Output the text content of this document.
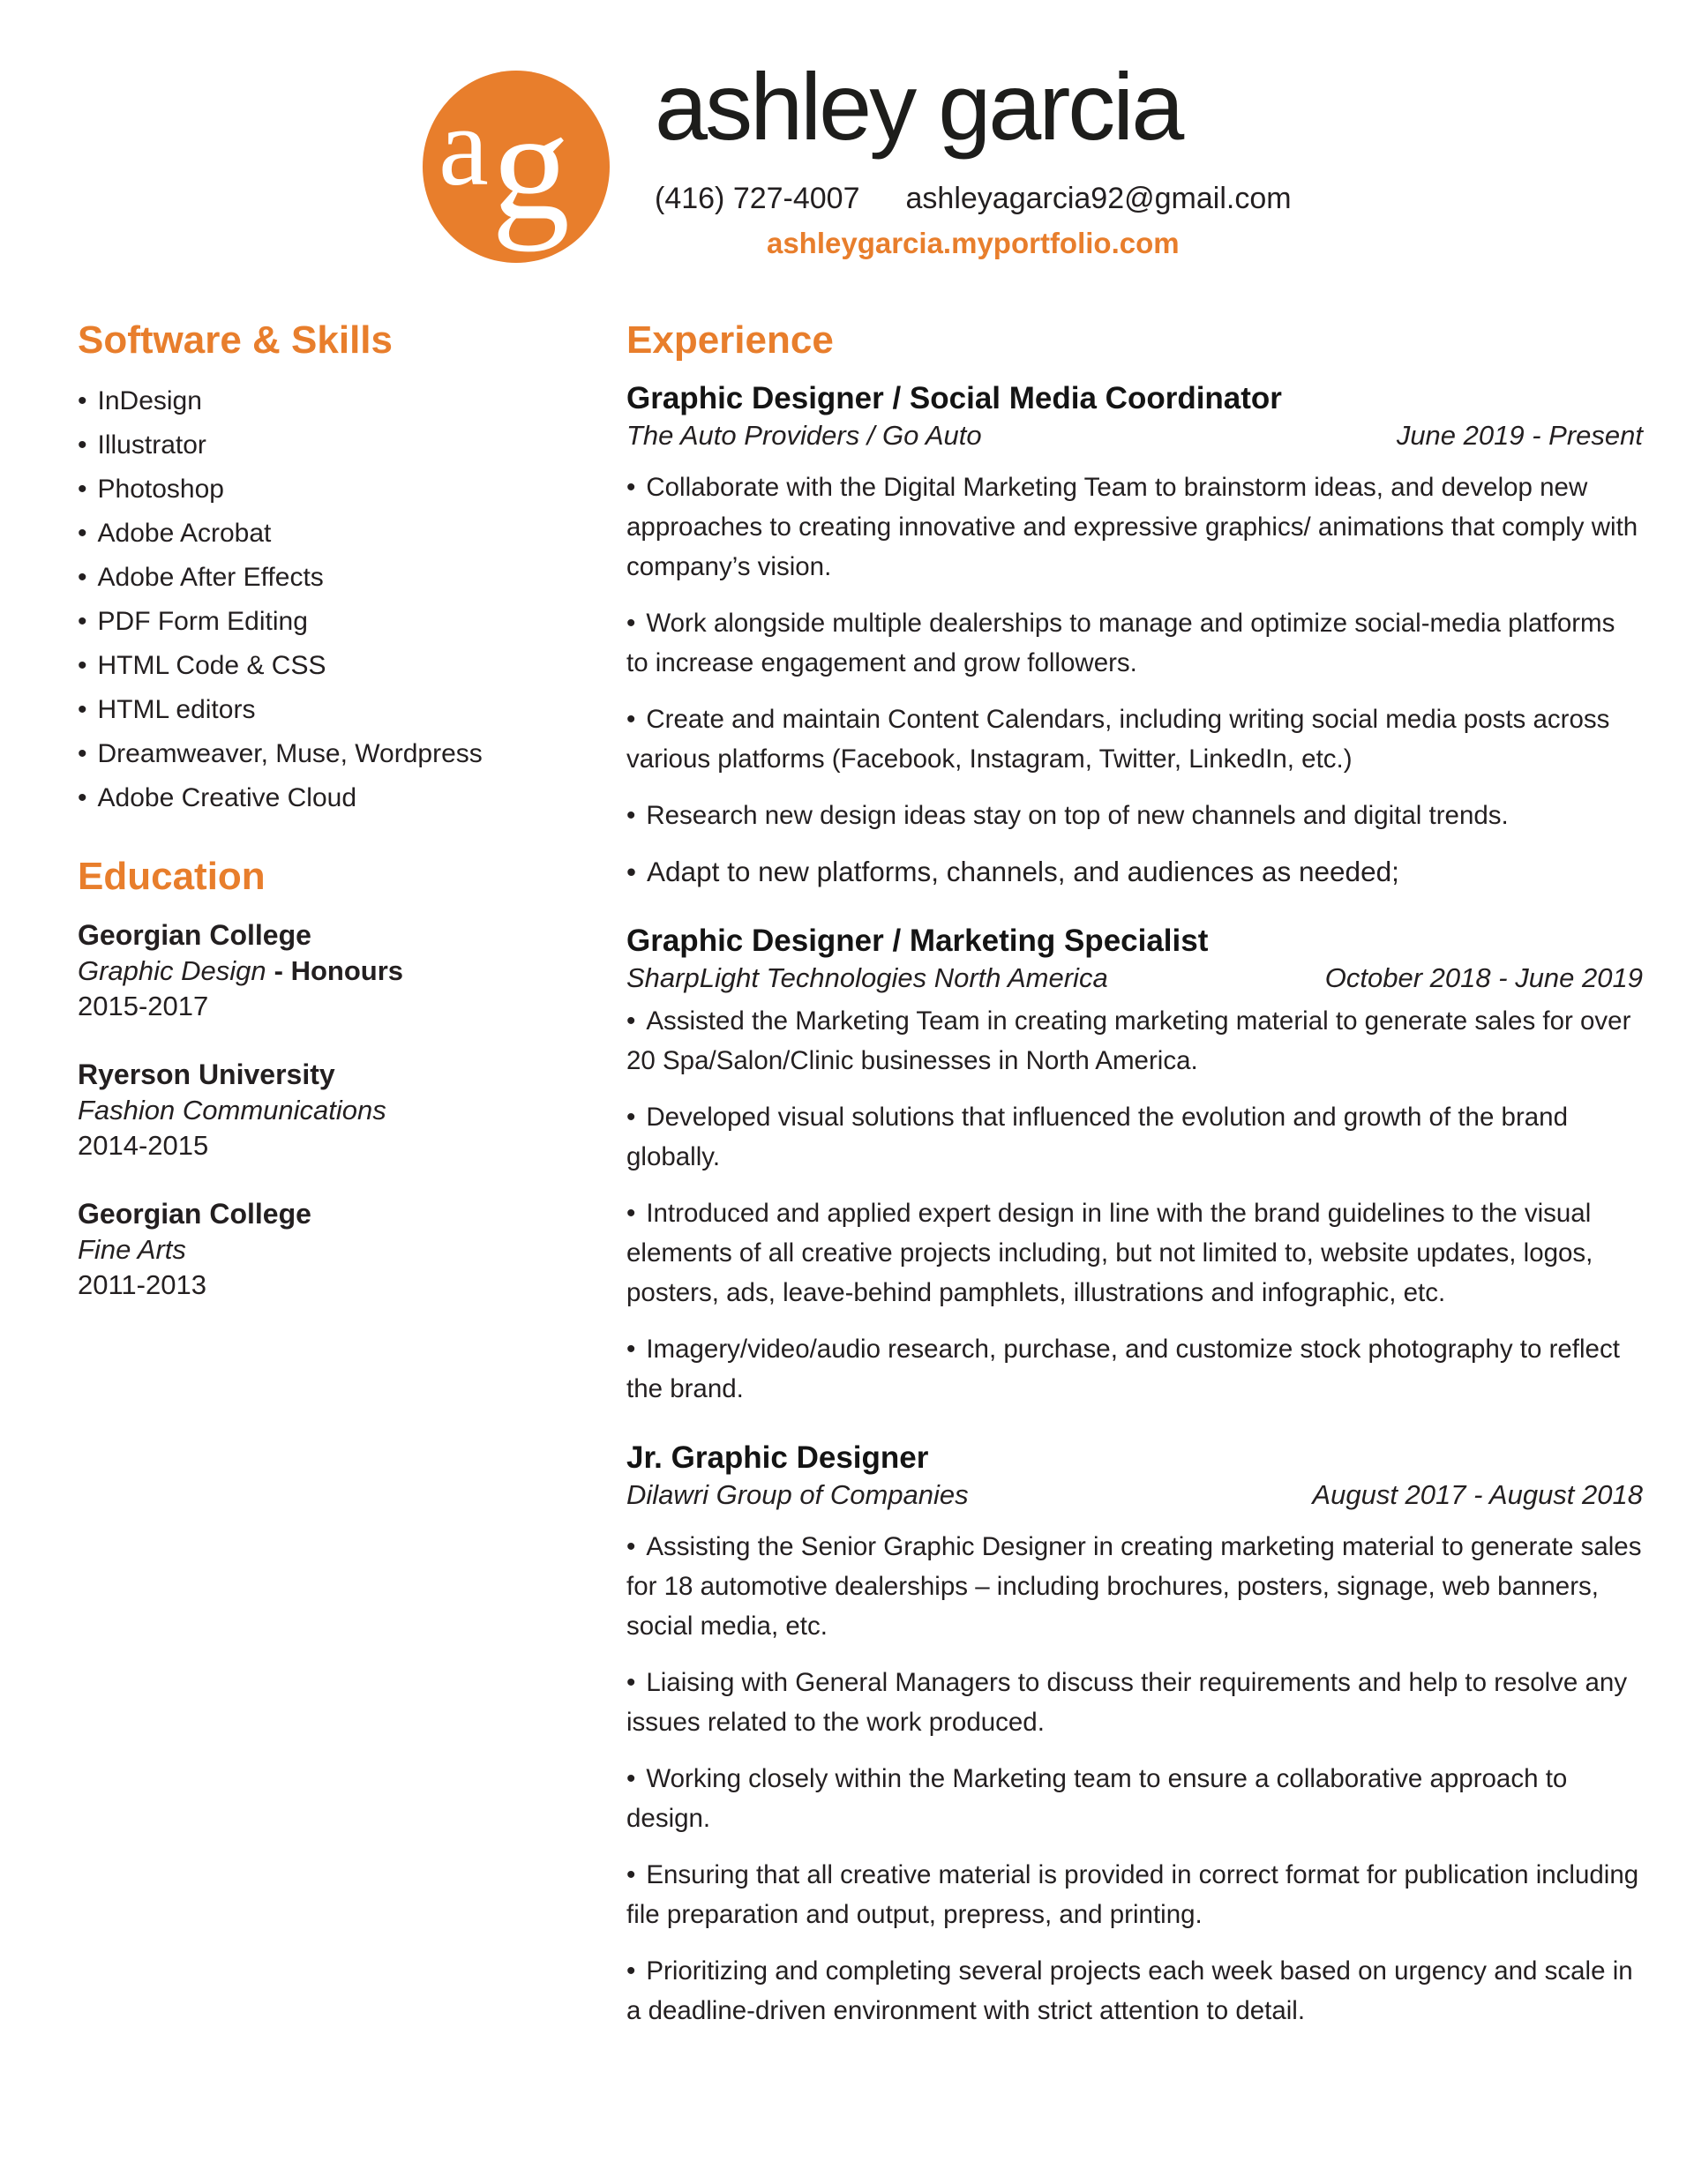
a g ashley garcia
(416) 727-4007 ashleyagarcia92@gmail.com
ashleygarcia.myportfolio.com
Software & Skills
• InDesign
• Illustrator
• Photoshop
• Adobe Acrobat
• Adobe After Effects
• PDF Form Editing
• HTML Code & CSS
• HTML editors
• Dreamweaver, Muse, Wordpress
• Adobe Creative Cloud
Education
Georgian College
Graphic Design - Honours
2015-2017
Ryerson University
Fashion Communications
2014-2015
Georgian College
Fine Arts
2011-2013
Experience
Graphic Designer / Social Media Coordinator
The Auto Providers / Go Auto	June 2019 - Present

• Collaborate with the Digital Marketing Team to brainstorm ideas, and develop new approaches to creating innovative and expressive graphics/ animations that comply with company’s vision.

• Work alongside multiple dealerships to manage and optimize social-media platforms to increase engagement and grow followers.

• Create and maintain Content Calendars, including writing social media posts across various platforms (Facebook, Instagram, Twitter, LinkedIn, etc.)

• Research new design ideas stay on top of new channels and digital trends.

• Adapt to new platforms, channels, and audiences as needed;

Graphic Designer / Marketing Specialist
SharpLight Technologies North America	October 2018 - June 2019

• Assisted the Marketing Team in creating marketing material to generate sales for over 20 Spa/Salon/Clinic businesses in North America.

• Developed visual solutions that influenced the evolution and growth of the brand globally.

• Introduced and applied expert design in line with the brand guidelines to the visual elements of all creative projects including, but not limited to, website updates, logos, posters, ads, leave-behind pamphlets, illustrations and infographic, etc.

• Imagery/video/audio research, purchase, and customize stock photography to reflect the brand.

Jr. Graphic Designer
Dilawri Group of Companies	August 2017 - August 2018

• Assisting the Senior Graphic Designer in creating marketing material to generate sales for 18 automotive dealerships – including brochures, posters, signage, web banners, social media, etc.

• Liaising with General Managers to discuss their requirements and help to resolve any issues related to the work produced.

• Working closely within the Marketing team to ensure a collaborative approach to design.

• Ensuring that all creative material is provided in correct format for publication including file preparation and output, prepress, and printing.

• Prioritizing and completing several projects each week based on urgency and scale in a deadline-driven environment with strict attention to detail.
